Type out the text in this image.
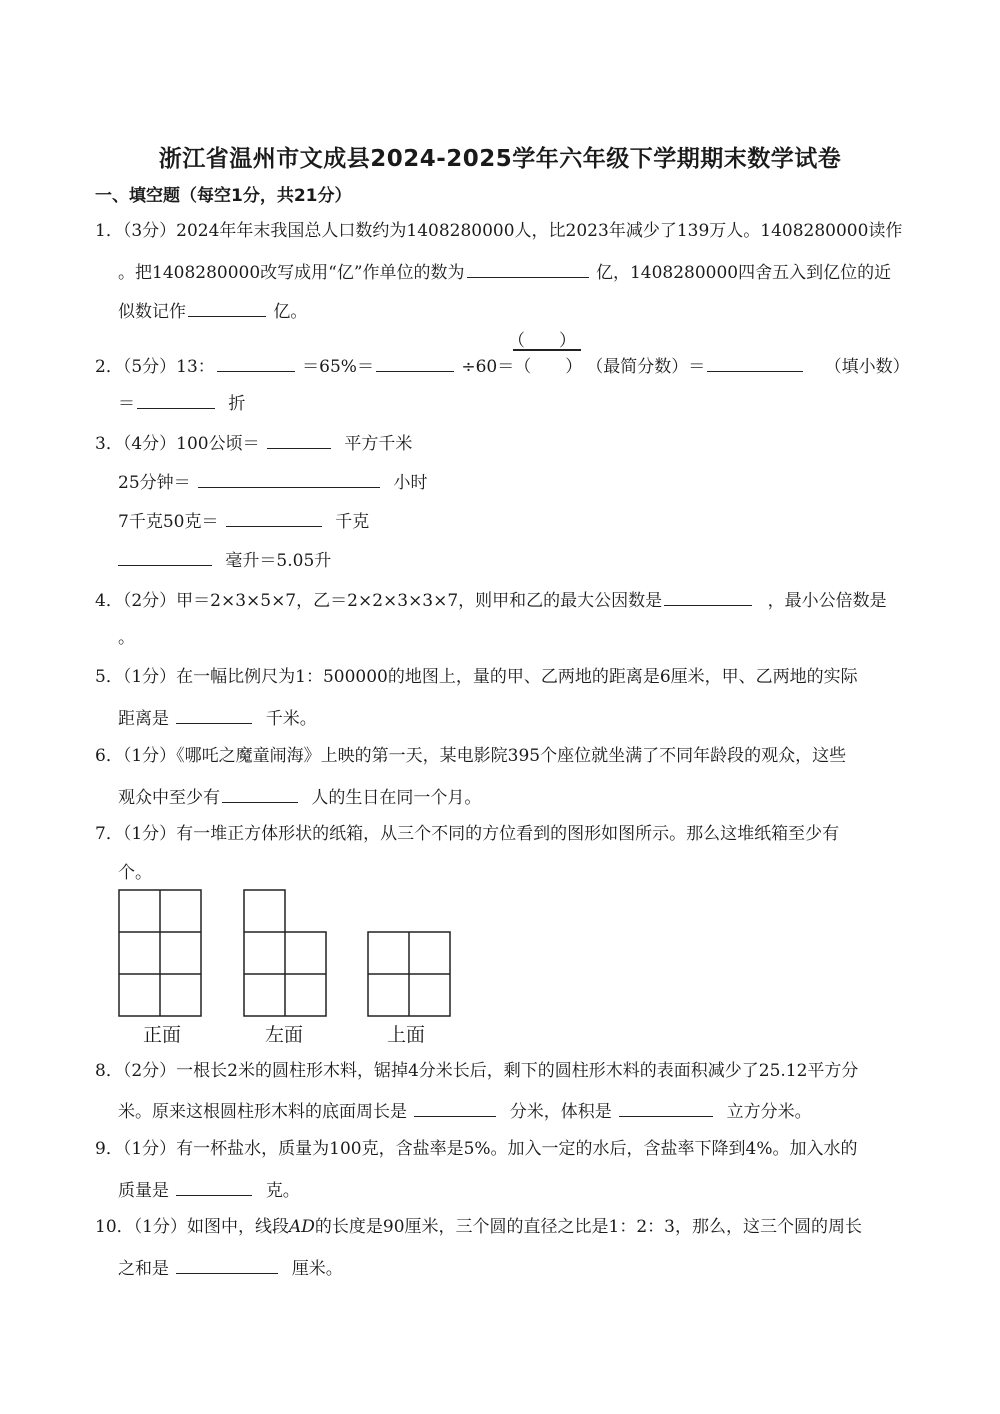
浙江省温州市文成县2024-2025学年六年级下学期期末数学试卷
一、填空题（每空1分，共21分）
1．（3分）2024年年末我国总人口数约为1408280000人，比2023年减少了139万人。1408280000读作
。把1408280000改写成用“亿”作单位的数为	亿，1408280000四舍五入到亿位的近
似数记作	亿。
（　　）
2．（5分）13：	＝65%＝	÷60＝（　　） （最简分数）＝	（填小数）
＝	折
3．（4分）100公顷＝	平方千米
25分钟＝	小时
7千克50克＝	千克
毫升＝5.05升
4．（2分）甲＝2×3×5×7，乙＝2×2×3×3×7，则甲和乙的最大公因数是	，最小公倍数是
。
5．（1分）在一幅比例尺为1：500000的地图上，量的甲、乙两地的距离是6厘米，甲、乙两地的实际
距离是	千米。
6．（1分）《哪吒之魔童闹海》上映的第一天，某电影院395个座位就坐满了不同年龄段的观众，这些
观众中至少有	人的生日在同一个月。
7．（1分）有一堆正方体形状的纸箱，从三个不同的方位看到的图形如图所示。那么这堆纸箱至少有
个。
正面	左面	上面
8．（2分）一根长2米的圆柱形木料，锯掉4分米长后，剩下的圆柱形木料的表面积减少了25.12平方分
米。原来这根圆柱形木料的底面周长是	分米，体积是	立方分米。
9．（1分）有一杯盐水，质量为100克，含盐率是5%。加入一定的水后，含盐率下降到4%。加入水的
质量是	克。
10．（1分）如图中，线段AD的长度是90厘米，三个圆的直径之比是1：2：3，那么，这三个圆的周长
之和是	厘米。
